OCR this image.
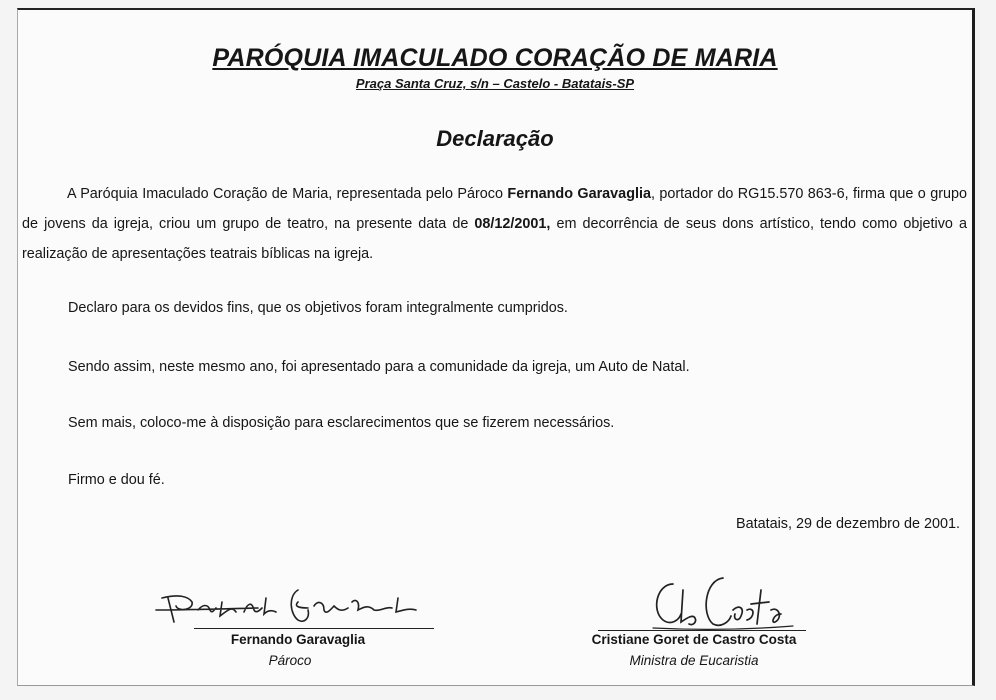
PARÓQUIA IMACULADO CORAÇÃO DE MARIA
Praça Santa Cruz, s/n – Castelo - Batatais-SP
Declaração
A Paróquia Imaculado Coração de Maria, representada pelo Pároco Fernando Garavaglia, portador do RG15.570 863-6, firma que o grupo de jovens da igreja, criou um grupo de teatro, na presente data de 08/12/2001, em decorrência de seus dons artístico, tendo como objetivo a realização de apresentações teatrais bíblicas na igreja.
Declaro para os devidos fins, que os objetivos foram integralmente cumpridos.
Sendo assim, neste mesmo ano, foi apresentado para a comunidade da igreja, um Auto de Natal.
Sem mais, coloco-me à disposição para esclarecimentos que se fizerem necessários.
Firmo e dou fé.
Batatais, 29 de dezembro de 2001.
Fernando Garavaglia
Pároco
Cristiane Goret de Castro Costa
Ministra de Eucaristia
